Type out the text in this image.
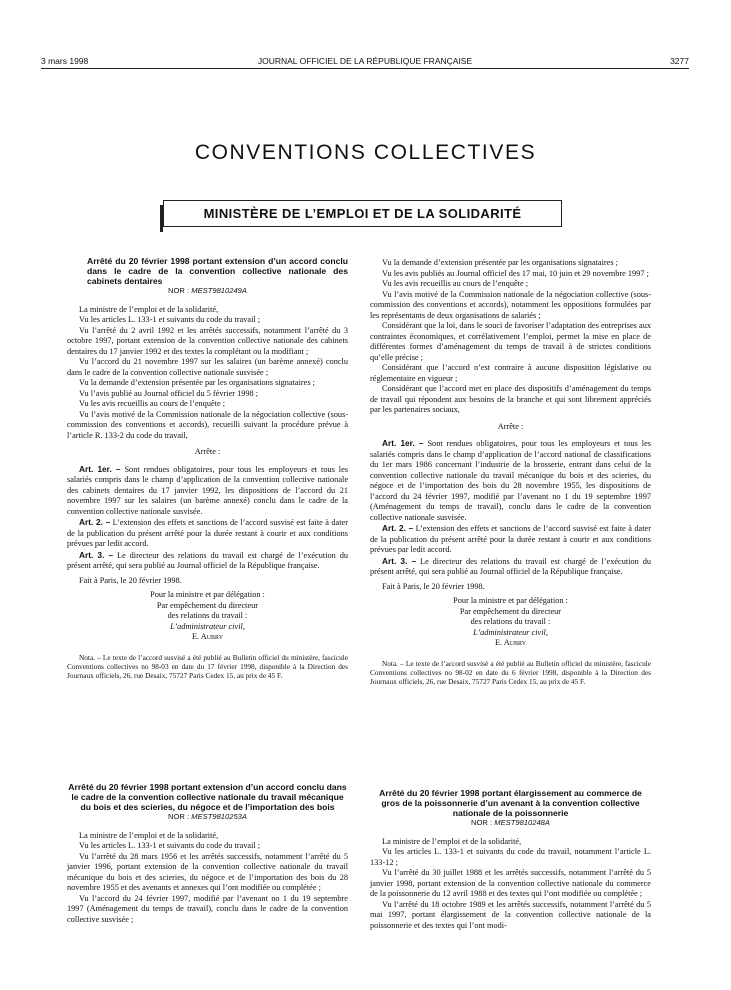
3 mars 1998	JOURNAL OFFICIEL DE LA RÉPUBLIQUE FRANÇAISE	3277
CONVENTIONS COLLECTIVES
MINISTÈRE DE L’EMPLOI ET DE LA SOLIDARITÉ

Arrêté du 20 février 1998 portant extension d’un accord conclu dans le cadre de la convention collective nationale des cabinets dentaires

NOR : MEST9810249A

La ministre de l’emploi et de la solidarité,

Vu les articles L. 133-1 et suivants du code du travail ;

Vu l’arrêté du 2 avril 1992 et les arrêtés successifs, notamment l’arrêté du 3 octobre 1997, portant extension de la convention collective nationale des cabinets dentaires du 17 janvier 1992 et des textes la complétant ou la modifiant ;

Vu l’accord du 21 novembre 1997 sur les salaires (un barème annexé) conclu dans le cadre de la convention collective nationale susvisée ;

Vu la demande d’extension présentée par les organisations signataires ;

Vu l’avis publié au Journal officiel du 5 février 1998 ;

Vu les avis recueillis au cours de l’enquête ;

Vu l’avis motivé de la Commission nationale de la négociation collective (sous-commission des conventions et accords), recueilli suivant la procédure prévue à l’article R. 133-2 du code du travail,

Arrête :

Art. 1er. – Sont rendues obligatoires, pour tous les employeurs et tous les salariés compris dans le champ d’application de la convention collective nationale des cabinets dentaires du 17 janvier 1992, les dispositions de l’accord du 21 novembre 1997 sur les salaires (un barème annexé) conclu dans le cadre de la convention collective nationale susvisée.

Art. 2. – L’extension des effets et sanctions de l’accord susvisé est faite à dater de la publication du présent arrêté pour la durée restant à courir et aux conditions prévues par ledit accord.

Art. 3. – Le directeur des relations du travail est chargé de l’exécution du présent arrêté, qui sera publié au Journal officiel de la République française.

Fait à Paris, le 20 février 1998.

Pour la ministre et par délégation :

Par empêchement du directeur

des relations du travail :

L’administrateur civil,

E. Aubry

Nota. – Le texte de l’accord susvisé a été publié au Bulletin officiel du ministère, fascicule Conventions collectives no 98-03 en date du 17 février 1998, disponible à la Direction des Journaux officiels, 26, rue Desaix, 75727 Paris Cedex 15, au prix de 45 F.

Arrêté du 20 février 1998 portant extension d’un accord conclu dans le cadre de la convention collective nationale du travail mécanique du bois et des scieries, du négoce et de l’importation des bois

NOR : MEST9810253A

La ministre de l’emploi et de la solidarité,

Vu les articles L. 133-1 et suivants du code du travail ;

Vu l’arrêté du 28 mars 1956 et les arrêtés successifs, notamment l’arrêté du 5 janvier 1996, portant extension de la convention collective nationale du travail mécanique du bois et des scieries, du négoce et de l’importation des bois du 28 novembre 1955 et des avenants et annexes qui l’ont modifiée ou complétée ;

Vu l’accord du 24 février 1997, modifié par l’avenant no 1 du 19 septembre 1997 (Aménagement du temps de travail), conclu dans le cadre de la convention collective susvisée ;

Vu la demande d’extension présentée par les organisations signataires ;

Vu les avis publiés au Journal officiel des 17 mai, 10 juin et 29 novembre 1997 ;

Vu les avis recueillis au cours de l’enquête ;

Vu l’avis motivé de la Commission nationale de la négociation collective (sous-commission des conventions et accords), notamment les oppositions formulées par les représentants de deux organisations de salariés ;

Considérant que la loi, dans le souci de favoriser l’adaptation des entreprises aux contraintes économiques, et corrélativement l’emploi, permet la mise en place de différentes formes d’aménagement du temps de travail à de strictes conditions qu’elle précise ;

Considérant que l’accord n’est contraire à aucune disposition législative ou réglementaire en vigueur ;

Considérant que l’accord met en place des dispositifs d’aménagement du temps de travail qui répondent aux besoins de la branche et qui sont librement appréciés par les partenaires sociaux,

Arrête :

Art. 1er. – Sont rendues obligatoires, pour tous les employeurs et tous les salariés compris dans le champ d’application de l’accord national de classifications du 1er mars 1986 concernant l’industrie de la brosserie, entrant dans celui de la convention collective nationale du travail mécanique du bois et des scieries, du négoce et de l’importation des bois du 28 novembre 1955, les dispositions de l’accord du 24 février 1997, modifié par l’avenant no 1 du 19 septembre 1997 (Aménagement du temps de travail), conclu dans le cadre de la convention collective nationale susvisée.

Art. 2. – L’extension des effets et sanctions de l’accord susvisé est faite à dater de la publication du présent arrêté pour la durée restant à courir et aux conditions prévues par ledit accord.

Art. 3. – Le directeur des relations du travail est chargé de l’exécution du présent arrêté, qui sera publié au Journal officiel de la République française.

Fait à Paris, le 20 février 1998.

Pour la ministre et par délégation :

Par empêchement du directeur

des relations du travail :

L’administrateur civil,

E. Aubry

Nota. – Le texte de l’accord susvisé a été publié au Bulletin officiel du ministère, fascicule Conventions collectives no 98-02 en date du 6 février 1998, disponible à la Direction des Journaux officiels, 26, rue Desaix, 75727 Paris Cedex 15, au prix de 45 F.

Arrêté du 20 février 1998 portant élargissement au commerce de gros de la poissonnerie d’un avenant à la convention collective nationale de la poissonnerie

NOR : MEST9810248A

La ministre de l’emploi et de la solidarité,

Vu les articles L. 133-1 et suivants du code du travail, notamment l’article L. 133-12 ;

Vu l’arrêté du 30 juillet 1988 et les arrêtés successifs, notamment l’arrêté du 5 janvier 1998, portant extension de la convention collective nationale du commerce de la poissonnerie du 12 avril 1988 et des textes qui l’ont modifiée ou complétée ;

Vu l’arrêté du 18 octobre 1989 et les arrêtés successifs, notamment l’arrêté du 5 mai 1997, portant élargissement de la convention collective nationale de la poissonnerie et des textes qui l’ont modi-
